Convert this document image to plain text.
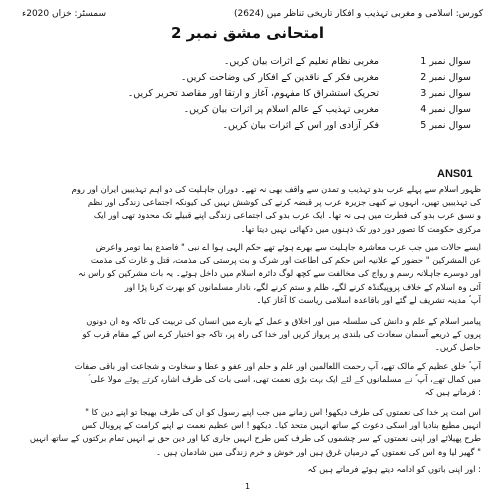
سمسٹر: خزاں 2020ء	کورس: اسلامی و مغربی تہذیب و افکار تاریخی تناظر میں (2624)
امتحانی مشق نمبر 2
سوال نمبر 1
مغربی نظام تعلیم کے اثرات بیان کریں۔
سوال نمبر 2
مغربی فکر کے ناقدین کے افکار کی وضاحت کریں۔
سوال نمبر 3
تحریک استشراق کا مفہوم، آغاز و ارتقا اور مقاصد تحریر کریں۔
سوال نمبر 4
مغربی تہذیب کے عالم اسلام پر اثرات بیان کریں۔
سوال نمبر 5
فکر آزادی اور اس کے اثرات بیان کریں۔
ANS01
ظہور اسلام سے پہلے عرب بدو تہذیب و تمدن سے واقف بھی نہ تھے۔ دوران جاہلیت کی دو اہم تہذیبیں ایران اور روم
کی تہذیبیں تھیں، انہوں نے کبھی جزیرہ عرب پر قبضہ کرنے کی کوشش نہیں کی کیونکہ اجتماعی زندگی اور نظم
و نسق عرب بدو کی فطرت میں ہی نہ تھا۔ ایک عرب بدو کی اجتماعی زندگی اپنے قبیلے تک محدود تھی اور ایک
مرکزی حکومت کا تصور دور دور تک ذہنوں میں دکھائی نہیں دیتا تھا۔
ایسے حالات میں جب عرب معاشرہ جاہلیت سے بھرے ہوئے تھے حکم الہی ہوا اے نبی " فاصدع بما تومر واعرض
عن المشرکین " حضور کے علانیہ اس حکم کی اطاعت اور شرک و بت پرستی کی مذمت، قتل و غارت کی مذمت
اور دوسرے جاہلانہ رسم و رواج کی مخالفت سے کچھ لوگ دائرہ اسلام میں داخل ہوئے۔ یہ بات مشرکین کو راس نہ
آئی وہ اسلام کے خلاف پروپیگنڈہ کرنے لگے، ظلم و ستم کرنے لگے، نادار مسلمانوں کو بھرت کرنا پڑا اور
آپ ؐ مدینہ تشریف لے گئے اور باقاعدہ اسلامی ریاست کا آغاز کیا۔
پیامبر اسلام کے علم و دانش کی سلسلہ میں اور اخلاق و عمل کے بارے میں انسان کی تربیت کی تاکہ وہ ان دونوں
پروں کے ذریعے آسمان سعادت کی بلندی پر پرواز کریں اور خدا کی راہ پر، تاکہ جو اختیار کرے اس کے مقام قرب کو
حاصل کریں۔
آپ ؐ خلق عظیم کے مالک تھے، آپ رحمت اللعالمین اور علم و حلم اور عفو و عطا و سخاوت و شجاعت اور باقی صفات
میں کمال تھے، آپ ؐ نے مسلمانوں کے لئے ایک بہت بڑی نعمت تھی، اسی بات کی طرف اشارہ کرتے ہوئے مولا علی ؑ
: فرماتے ہیں کہ
اس امت پر خدا کی نعمتوں کی طرف دیکھو! اس زمانے میں جب اپنے رسول کو ان کی طرف بھیجا تو اپنے دین کا "
انہیں مطیع بنادیا اور اسکی دعوت کے ساتھ انہیں متحد کیا۔ دیکھو ! اس عظیم نعمت نے اپنے کرامت کے پروبال کس
طرح پھیلائے اور اپنی نعمتوں کے سر چشموں کی طرف کس طرح انہیں جاری کیا اور دین حق نے انہیں تمام برکتوں کے ساتھ انہیں
" گھیر لیا وہ اس کی نعمتوں کے درمیان غرق ہیں اور خوش و خرم زندگی میں شادمان ہیں ۔
: اور اپنی باتوں کو ادامہ دیتے ہوئے فرماتے ہیں کہ
1
